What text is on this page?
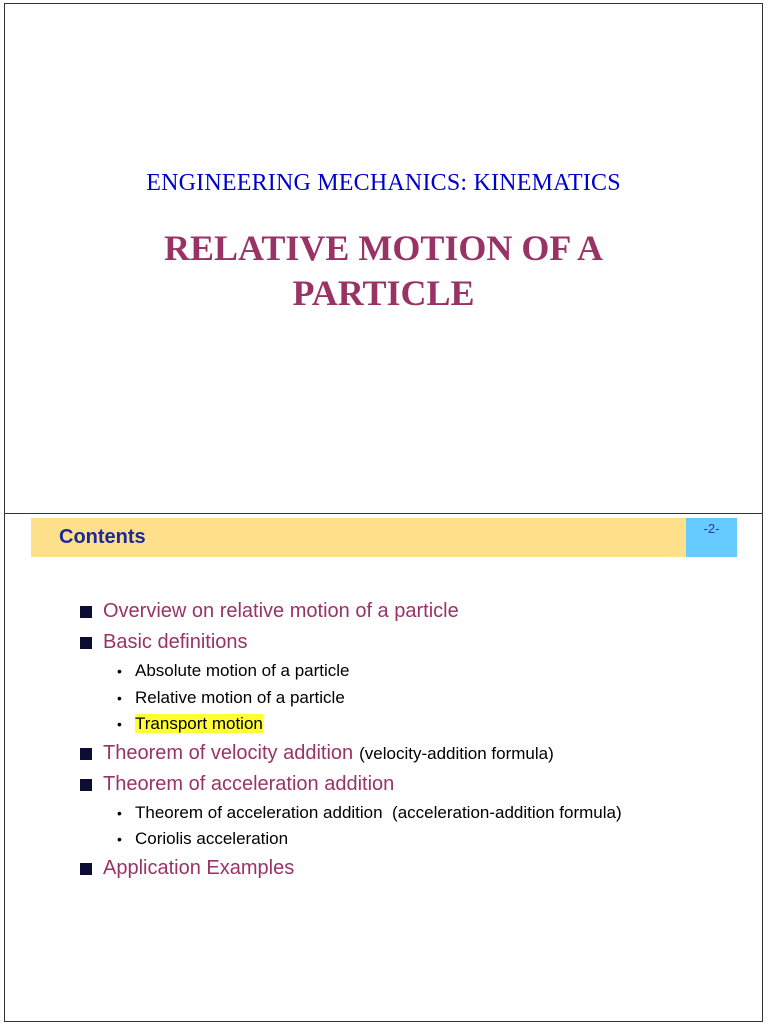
ENGINEERING MECHANICS: KINEMATICS
RELATIVE MOTION OF A
PARTICLE
Contents	-2-
Overview on relative motion of a particle
Basic definitions
• Absolute motion of a particle
• Relative motion of a particle
• Transport motion
Theorem of velocity addition (velocity-addition formula)
Theorem of acceleration addition
• Theorem of acceleration addition  (acceleration-addition formula)
• Coriolis acceleration
Application Examples
